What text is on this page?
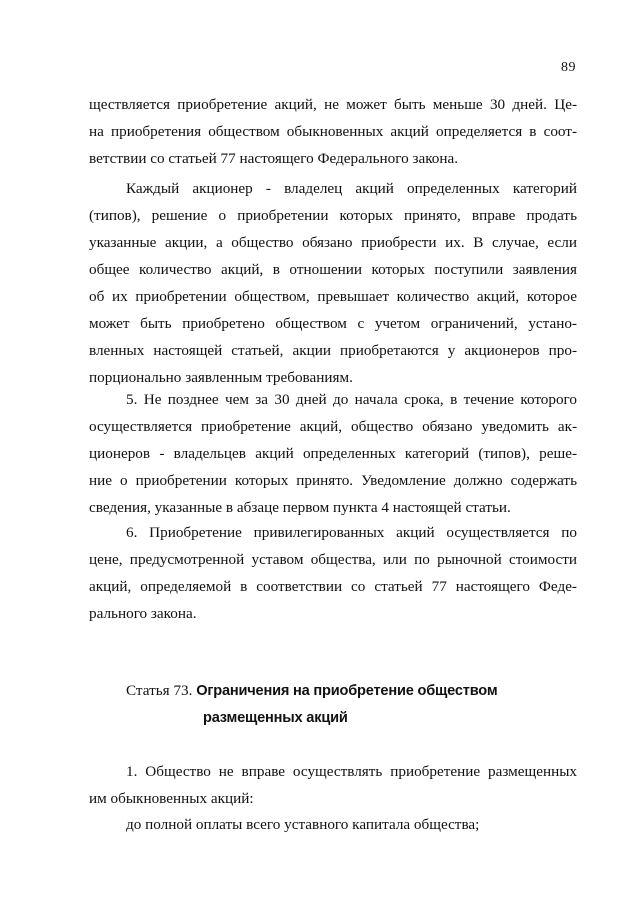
89
ществляется приобретение акций, не может быть меньше 30 дней. Це-
на приобретения обществом обыкновенных акций определяется в соот-
ветствии со статьей 77 настоящего Федерального закона.
Каждый акционер - владелец акций определенных категорий
(типов), решение о приобретении которых принято, вправе продать
указанные акции, а общество обязано приобрести их. В случае, если
общее количество акций, в отношении которых поступили заявления
об их приобретении обществом, превышает количество акций, которое
может быть приобретено обществом с учетом ограничений, устано-
вленных настоящей статьей, акции приобретаются у акционеров про-
порционально заявленным требованиям.
5. Не позднее чем за 30 дней до начала срока, в течение которого
осуществляется приобретение акций, общество обязано уведомить ак-
ционеров - владельцев акций определенных категорий (типов), реше-
ние о приобретении которых принято. Уведомление должно содержать
сведения, указанные в абзаце первом пункта 4 настоящей статьи.
6. Приобретение привилегированных акций осуществляется по
цене, предусмотренной уставом общества, или по рыночной стоимости
акций, определяемой в соответствии со статьей 77 настоящего Феде-
рального закона.
Статья 73. Ограничения на приобретение обществом
размещенных акций
1. Общество не вправе осуществлять приобретение размещенных
им обыкновенных акций:
до полной оплаты всего уставного капитала общества;
